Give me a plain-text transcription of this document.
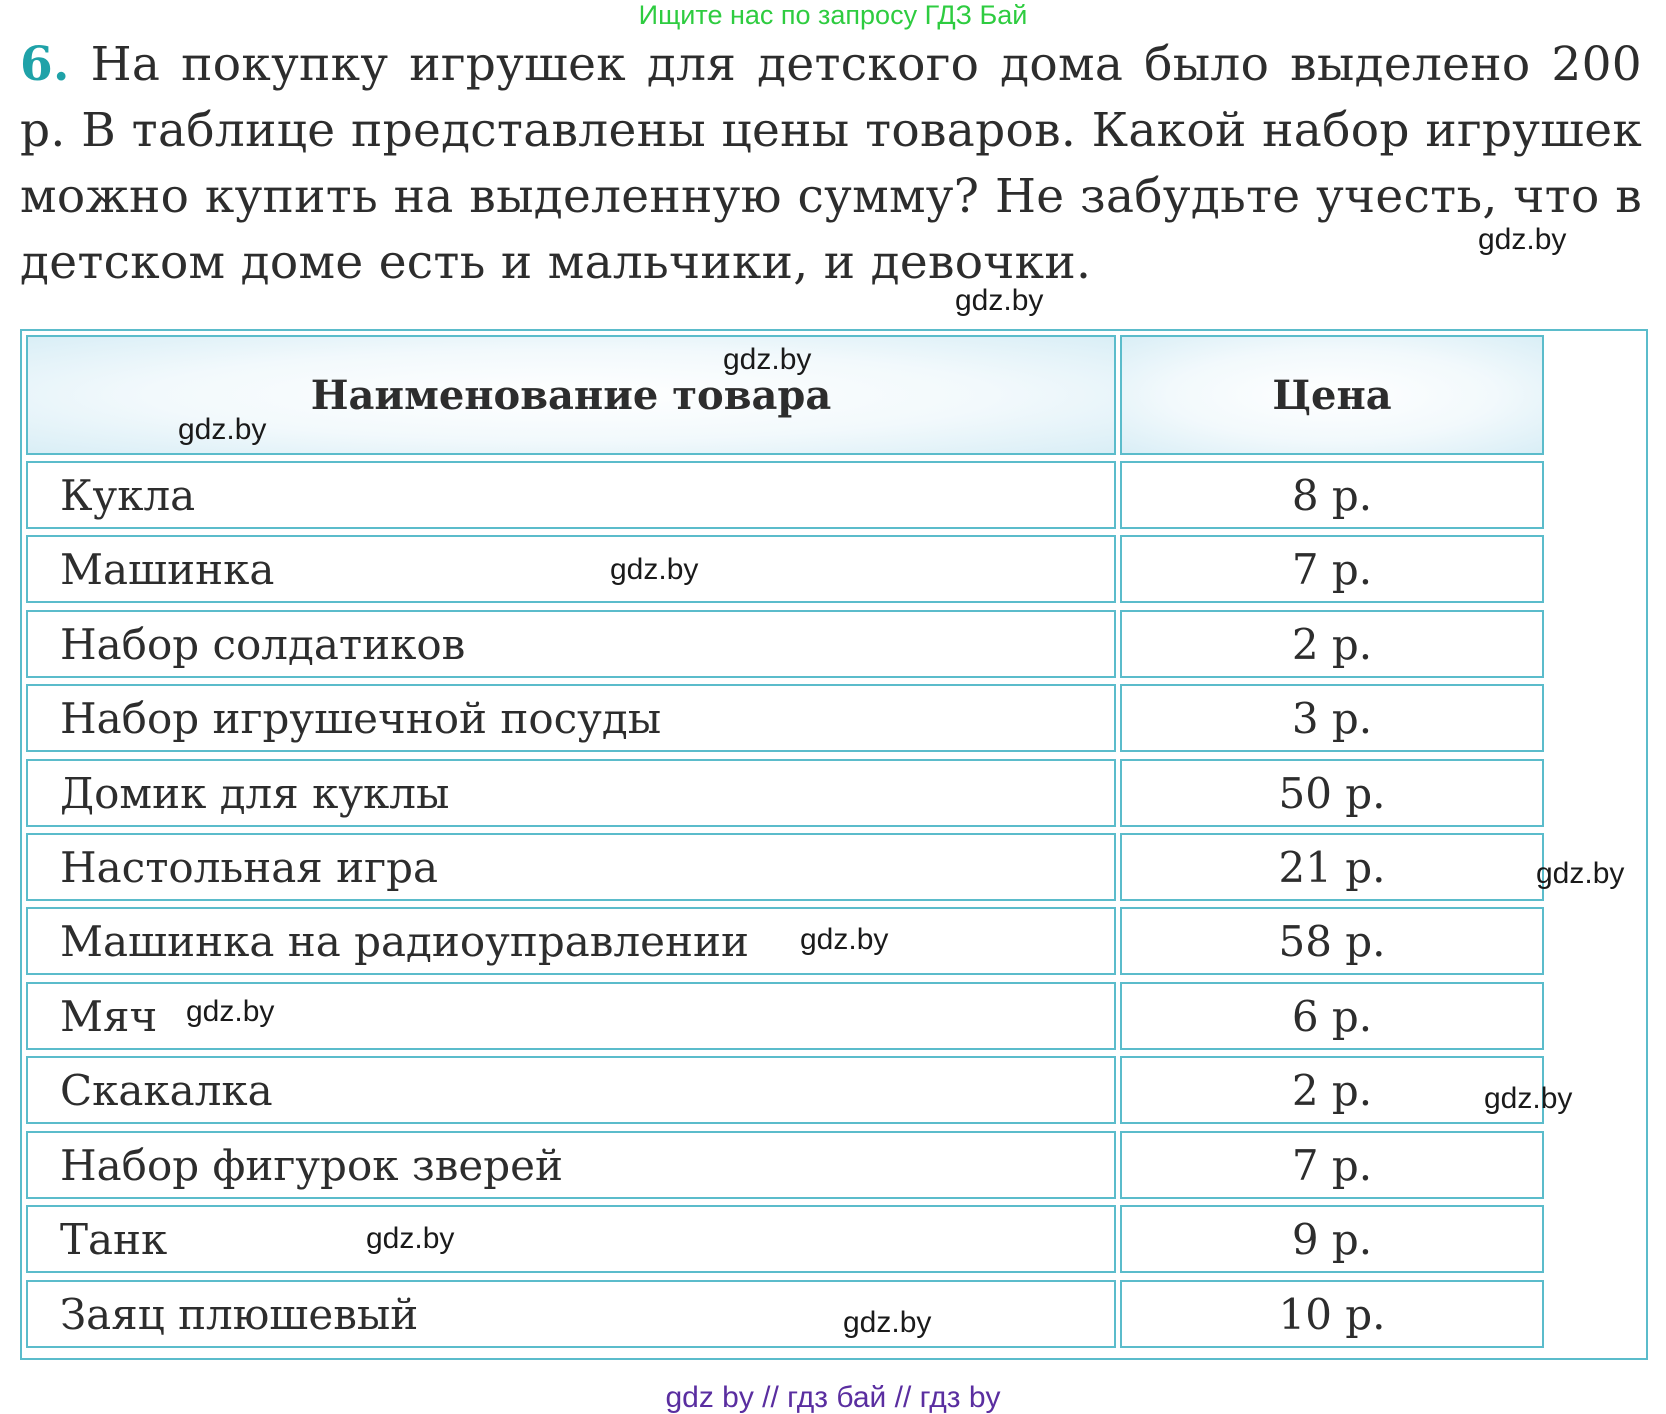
Ищите нас по запросу ГДЗ Бай
6. На покупку игрушек для детского дома было выделено 200 р. В таблице представлены цены товаров. Какой набор игрушек можно купить на выделенную сумму? Не забудьте учесть, что в детском доме есть и мальчики, и девочки.
Наименование товара	Цена
Кукла	8 р.
Машинка	7 р.
Набор солдатиков	2 р.
Набор игрушечной посуды	3 р.
Домик для куклы	50 р.
Настольная игра	21 р.
Машинка на радиоуправлении	58 р.
Мяч	6 р.
Скакалка	2 р.
Набор фигурок зверей	7 р.
Танк	9 р.
Заяц плюшевый	10 р.
gdz.by
gdz.by
gdz.by
gdz.by
gdz.by
gdz.by
gdz.by
gdz.by
gdz.by
gdz.by
gdz.by
gdz by // гдз бай // гдз by
